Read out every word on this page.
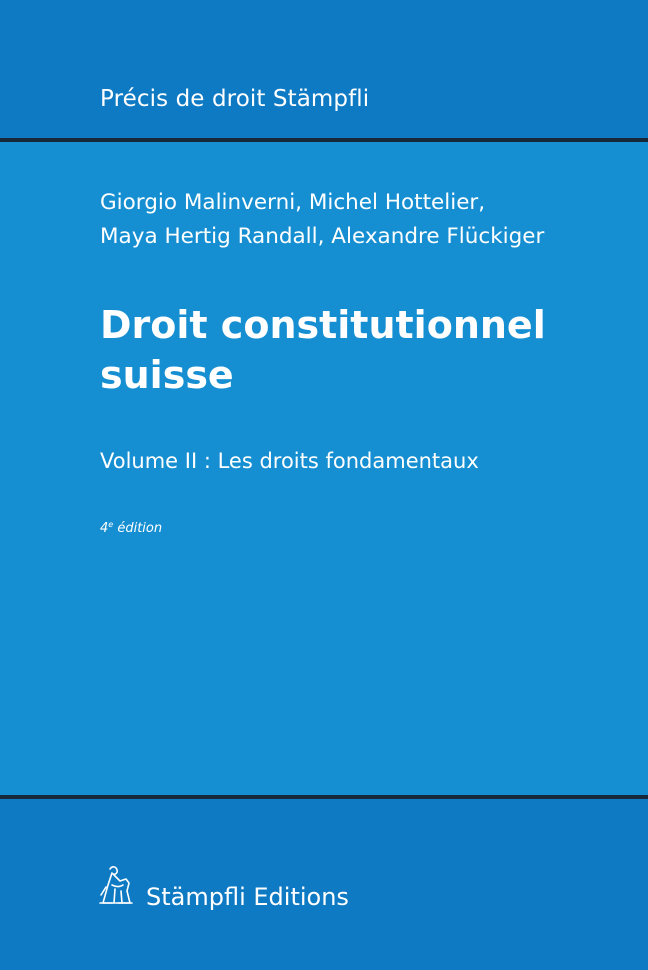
Précis de droit Stämpfli
Giorgio Malinverni, Michel Hottelier,
Maya Hertig Randall, Alexandre Flückiger
Droit constitutionnel
suisse
Volume II : Les droits fondamentaux
4e édition
Stämpfli Editions
